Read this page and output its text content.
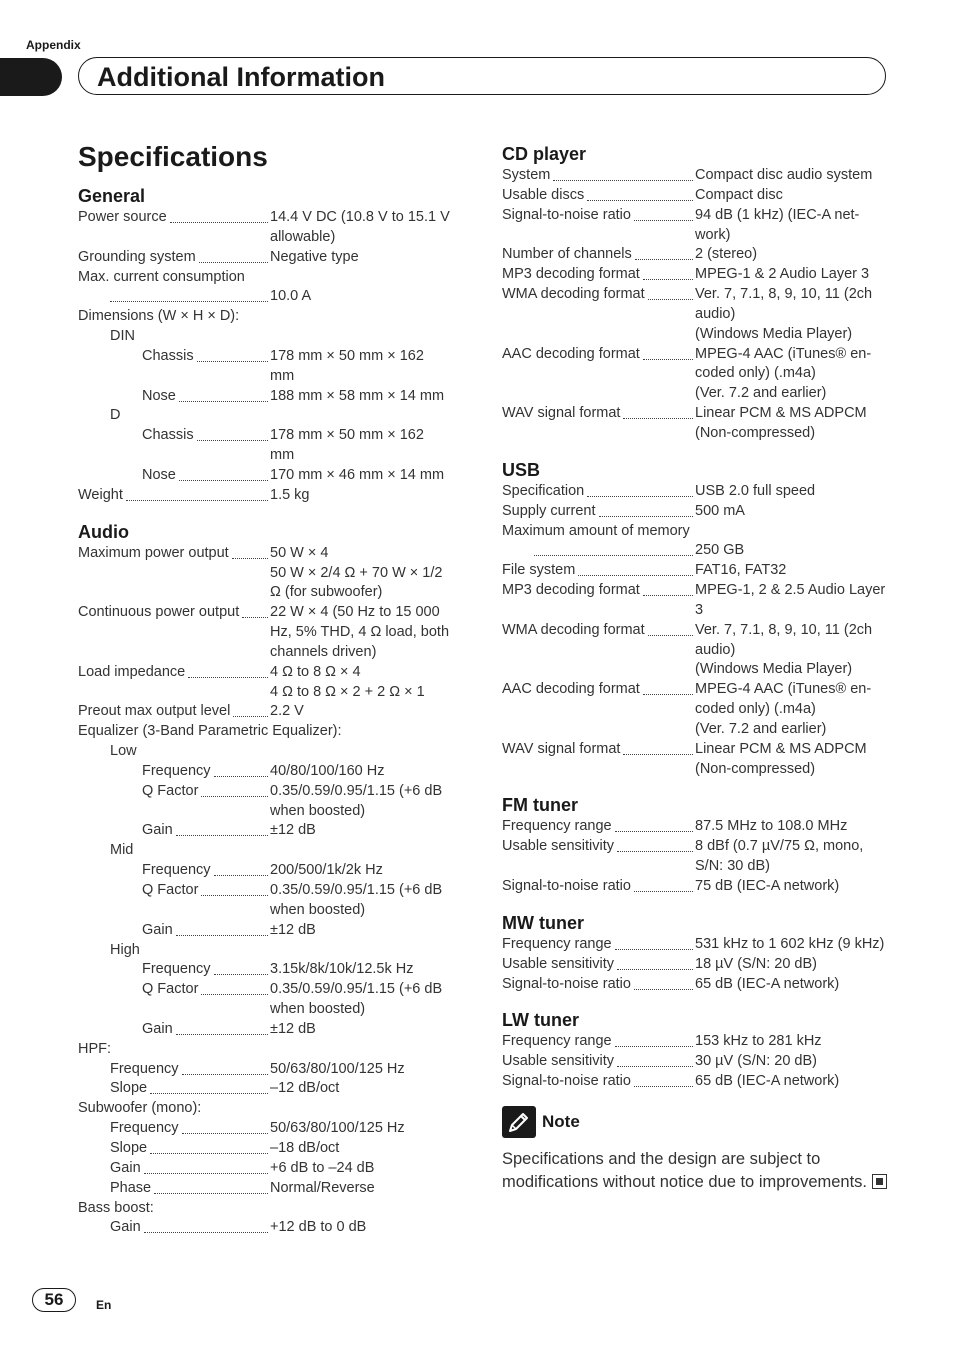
Appendix
Additional Information
Specifications
General
Power source	14.4 V DC (10.8 V to 15.1 V
allowable)
Grounding system	Negative type
Max. current consumption
10.0 A
Dimensions (W × H × D):
DIN
Chassis	178 mm × 50 mm × 162
mm
Nose	188 mm × 58 mm × 14 mm
D
Chassis	178 mm × 50 mm × 162
mm
Nose	170 mm × 46 mm × 14 mm
Weight	1.5 kg
Audio
Maximum power output	50 W × 4
50 W × 2/4 Ω + 70 W × 1/2
Ω (for subwoofer)
Continuous power output 22 W × 4 (50 Hz to 15 000
Hz, 5% THD, 4 Ω load, both
channels driven)
Load impedance	4 Ω to 8 Ω × 4
4 Ω to 8 Ω × 2 + 2 Ω × 1
Preout max output level	2.2 V
Equalizer (3-Band Parametric Equalizer):
Low
Frequency	40/80/100/160 Hz
Q Factor	0.35/0.59/0.95/1.15 (+6 dB
when boosted)
Gain	±12 dB
Mid
Frequency	200/500/1k/2k Hz
Q Factor	0.35/0.59/0.95/1.15 (+6 dB
when boosted)
Gain	±12 dB
High
Frequency	3.15k/8k/10k/12.5k Hz
Q Factor	0.35/0.59/0.95/1.15 (+6 dB
when boosted)
Gain	±12 dB
HPF:
Frequency	50/63/80/100/125 Hz
Slope	–12 dB/oct
Subwoofer (mono):
Frequency	50/63/80/100/125 Hz
Slope	–18 dB/oct
Gain	+6 dB to –24 dB
Phase	Normal/Reverse
Bass boost:
Gain	+12 dB to 0 dB
CD player
System	Compact disc audio system
Usable discs	Compact disc
Signal-to-noise ratio	94 dB (1 kHz) (IEC-A net-
work)
Number of channels	2 (stereo)
MP3 decoding format	MPEG-1 & 2 Audio Layer 3
WMA decoding format	Ver. 7, 7.1, 8, 9, 10, 11 (2ch
audio)
(Windows Media Player)
AAC decoding format	MPEG-4 AAC (iTunes® en-
coded only) (.m4a)
(Ver. 7.2 and earlier)
WAV signal format	Linear PCM & MS ADPCM
(Non-compressed)
USB
Specification	USB 2.0 full speed
Supply current	500 mA
Maximum amount of memory
250 GB
File system	FAT16, FAT32
MP3 decoding format	MPEG-1, 2 & 2.5 Audio Layer
3
WMA decoding format	Ver. 7, 7.1, 8, 9, 10, 11 (2ch
audio)
(Windows Media Player)
AAC decoding format	MPEG-4 AAC (iTunes® en-
coded only) (.m4a)
(Ver. 7.2 and earlier)
WAV signal format	Linear PCM & MS ADPCM
(Non-compressed)
FM tuner
Frequency range	87.5 MHz to 108.0 MHz
Usable sensitivity	8 dBf (0.7 µV/75 Ω, mono,
S/N: 30 dB)
Signal-to-noise ratio	75 dB (IEC-A network)
MW tuner
Frequency range	531 kHz to 1 602 kHz (9 kHz)
Usable sensitivity	18 µV (S/N: 20 dB)
Signal-to-noise ratio	65 dB (IEC-A network)
LW tuner
Frequency range	153 kHz to 281 kHz
Usable sensitivity	30 µV (S/N: 20 dB)
Signal-to-noise ratio	65 dB (IEC-A network)
Note
Specifications and the design are subject to modifications without notice due to improvements.
56	En
